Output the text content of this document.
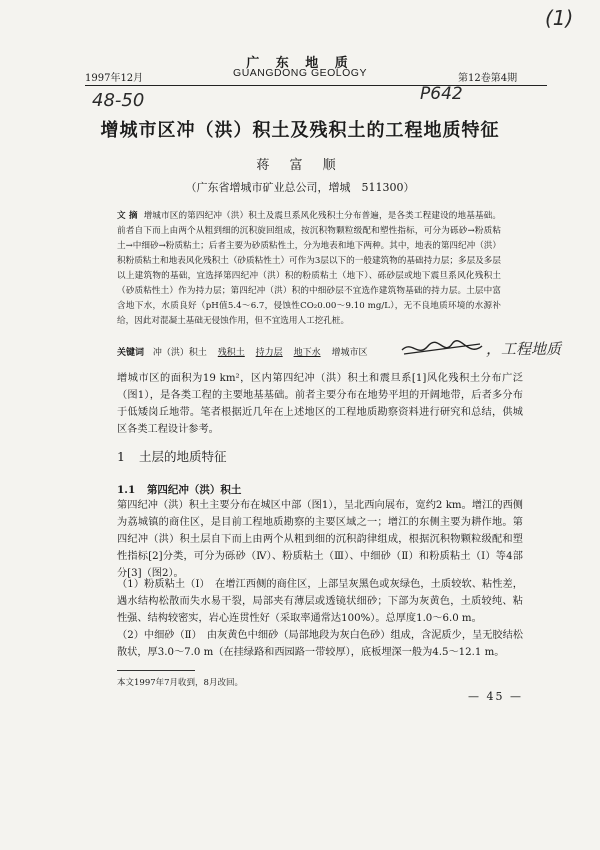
(1)
48-50	P642
广 东 地 质
1997年12月	GUANGDONG GEOLOGY	第12卷第4期
增城市区冲（洪）积土及残积土的工程地质特征
蒋 富 顺
（广东省增城市矿业总公司，增城　511300）
文 摘 增城市区的第四纪冲（洪）积土及震旦系风化残积土分布普遍，是各类工程建设的地基基础。前者自下而上由两个从粗到细的沉积旋回组成，按沉积物颗粒级配和塑性指标，可分为砾砂→粉质粘土→中细砂→粉质粘土；后者主要为砂质粘性土，分为地表和地下两种。其中，地表的第四纪冲（洪）积粉质粘土和地表风化残积土（砂质粘性土）可作为3层以下的一般建筑物的基础持力层；多层及多层以上建筑物的基础，宜选择第四纪冲（洪）积的粉质粘土（地下）、砾砂层或地下震旦系风化残积土（砂质粘性土）作为持力层；第四纪冲（洪）积的中细砂层不宜选作建筑物基础的持力层。土层中富含地下水，水质良好（pH值5.4～6.7，侵蚀性CO₂0.00～9.10 mg/L），无不良地质环境的水源补给，因此对混凝土基础无侵蚀作用，但不宜选用人工挖孔桩。
关键词 冲（洪）积土 残积土 持力层 地下水 增城市区	，工程地质
增城市区的面积为19 km²，区内第四纪冲（洪）积土和震旦系[1]风化残积土分布广泛（图1），是各类工程的主要地基基础。前者主要分布在地势平坦的开阔地带，后者多分布于低矮岗丘地带。笔者根据近几年在上述地区的工程地质勘察资料进行研究和总结，供城区各类工程设计参考。
1 土层的地质特征
1.1 第四纪冲（洪）积土
第四纪冲（洪）积土主要分布在城区中部（图1），呈北西向展布，宽约2 km。增江的西侧为荔城镇的商住区，是目前工程地质勘察的主要区域之一；增江的东侧主要为耕作地。第四纪冲（洪）积土层自下而上由两个从粗到细的沉积韵律组成，根据沉积物颗粒级配和塑性指标[2]分类，可分为砾砂（Ⅳ）、粉质粘土（Ⅲ）、中细砂（Ⅱ）和粉质粘土（Ⅰ）等4部分[3]（图2）。
（1）粉质粘土（Ⅰ）　在增江西侧的商住区，上部呈灰黑色或灰绿色，土质较软、粘性差，遇水结构松散而失水易干裂，局部夹有薄层或透镜状细砂；下部为灰黄色，土质较纯、粘性强、结构较密实，岩心连贯性好（采取率通常达100%）。总厚度1.0～6.0 m。
（2）中细砂（Ⅱ）　由灰黄色中细砂（局部地段为灰白色砂）组成，含泥质少，呈无胶结松散状，厚3.0～7.0 m（在挂绿路和西园路一带较厚），底板埋深一般为4.5～12.1 m。
本文1997年7月收到，8月改回。
— 45 —
